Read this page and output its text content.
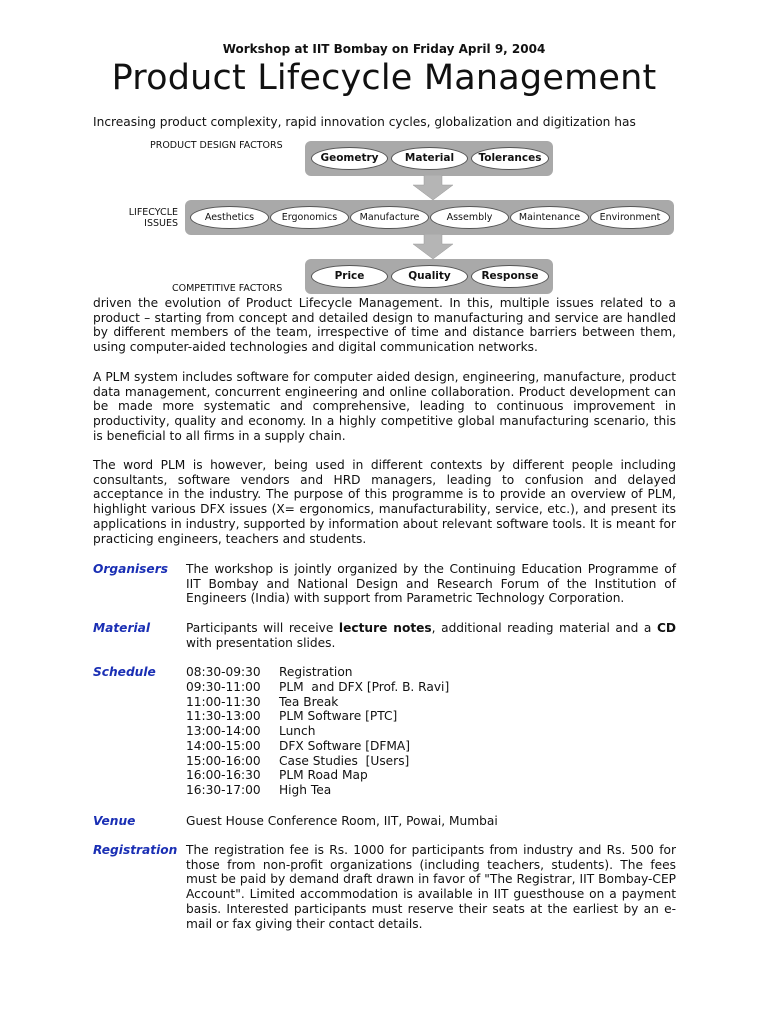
Workshop at IIT Bombay on Friday April 9, 2004
Product Lifecycle Management

Increasing product complexity, rapid innovation cycles, globalization and digitization has

PRODUCT DESIGN FACTORS
Geometry	Material	Tolerances
LIFECYCLE
ISSUES
Aesthetics	Ergonomics	Manufacture	Assembly	Maintenance	Environment
Price	Quality	Response
COMPETITIVE FACTORS

driven the evolution of Product Lifecycle Management. In this, multiple issues related to a product – starting from concept and detailed design to manufacturing and service are handled by different members of the team, irrespective of time and distance barriers between them, using computer-aided technologies and digital communication networks.

A PLM system includes software for computer aided design, engineering, manufacture, product data management, concurrent engineering and online collaboration. Product development can be made more systematic and comprehensive, leading to continuous improvement in productivity, quality and economy. In a highly competitive global manufacturing scenario, this is beneficial to all firms in a supply chain.

The word PLM is however, being used in different contexts by different people including consultants, software vendors and HRD managers, leading to confusion and delayed acceptance in the industry. The purpose of this programme is to provide an overview of PLM, highlight various DFX issues (X= ergonomics, manufacturability, service, etc.), and present its applications in industry, supported by information about relevant software tools. It is meant for practicing engineers, teachers and students.

Organisers The workshop is jointly organized by the Continuing Education Programme of IIT Bombay and National Design and Research Forum of the Institution of Engineers (India) with support from Parametric Technology Corporation.

Material	Participants will receive lecture notes, additional reading material and a CD with presentation slides.

Schedule 08:30-09:30 Registration
09:30-11:00 PLM  and DFX [Prof. B. Ravi]
11:00-11:30 Tea Break
11:30-13:00 PLM Software [PTC]
13:00-14:00 Lunch
14:00-15:00 DFX Software [DFMA]
15:00-16:00 Case Studies  [Users]
16:00-16:30 PLM Road Map
16:30-17:00 High Tea
Venue	Guest House Conference Room, IIT, Powai, Mumbai

Registration The registration fee is Rs. 1000 for participants from industry and Rs. 500 for those from non-profit organizations (including teachers, students). The fees must be paid by demand draft drawn in favor of "The Registrar, IIT Bombay-CEP Account". Limited accommodation is available in IIT guesthouse on a payment basis. Interested participants must reserve their seats at the earliest by an e-mail or fax giving their contact details.
